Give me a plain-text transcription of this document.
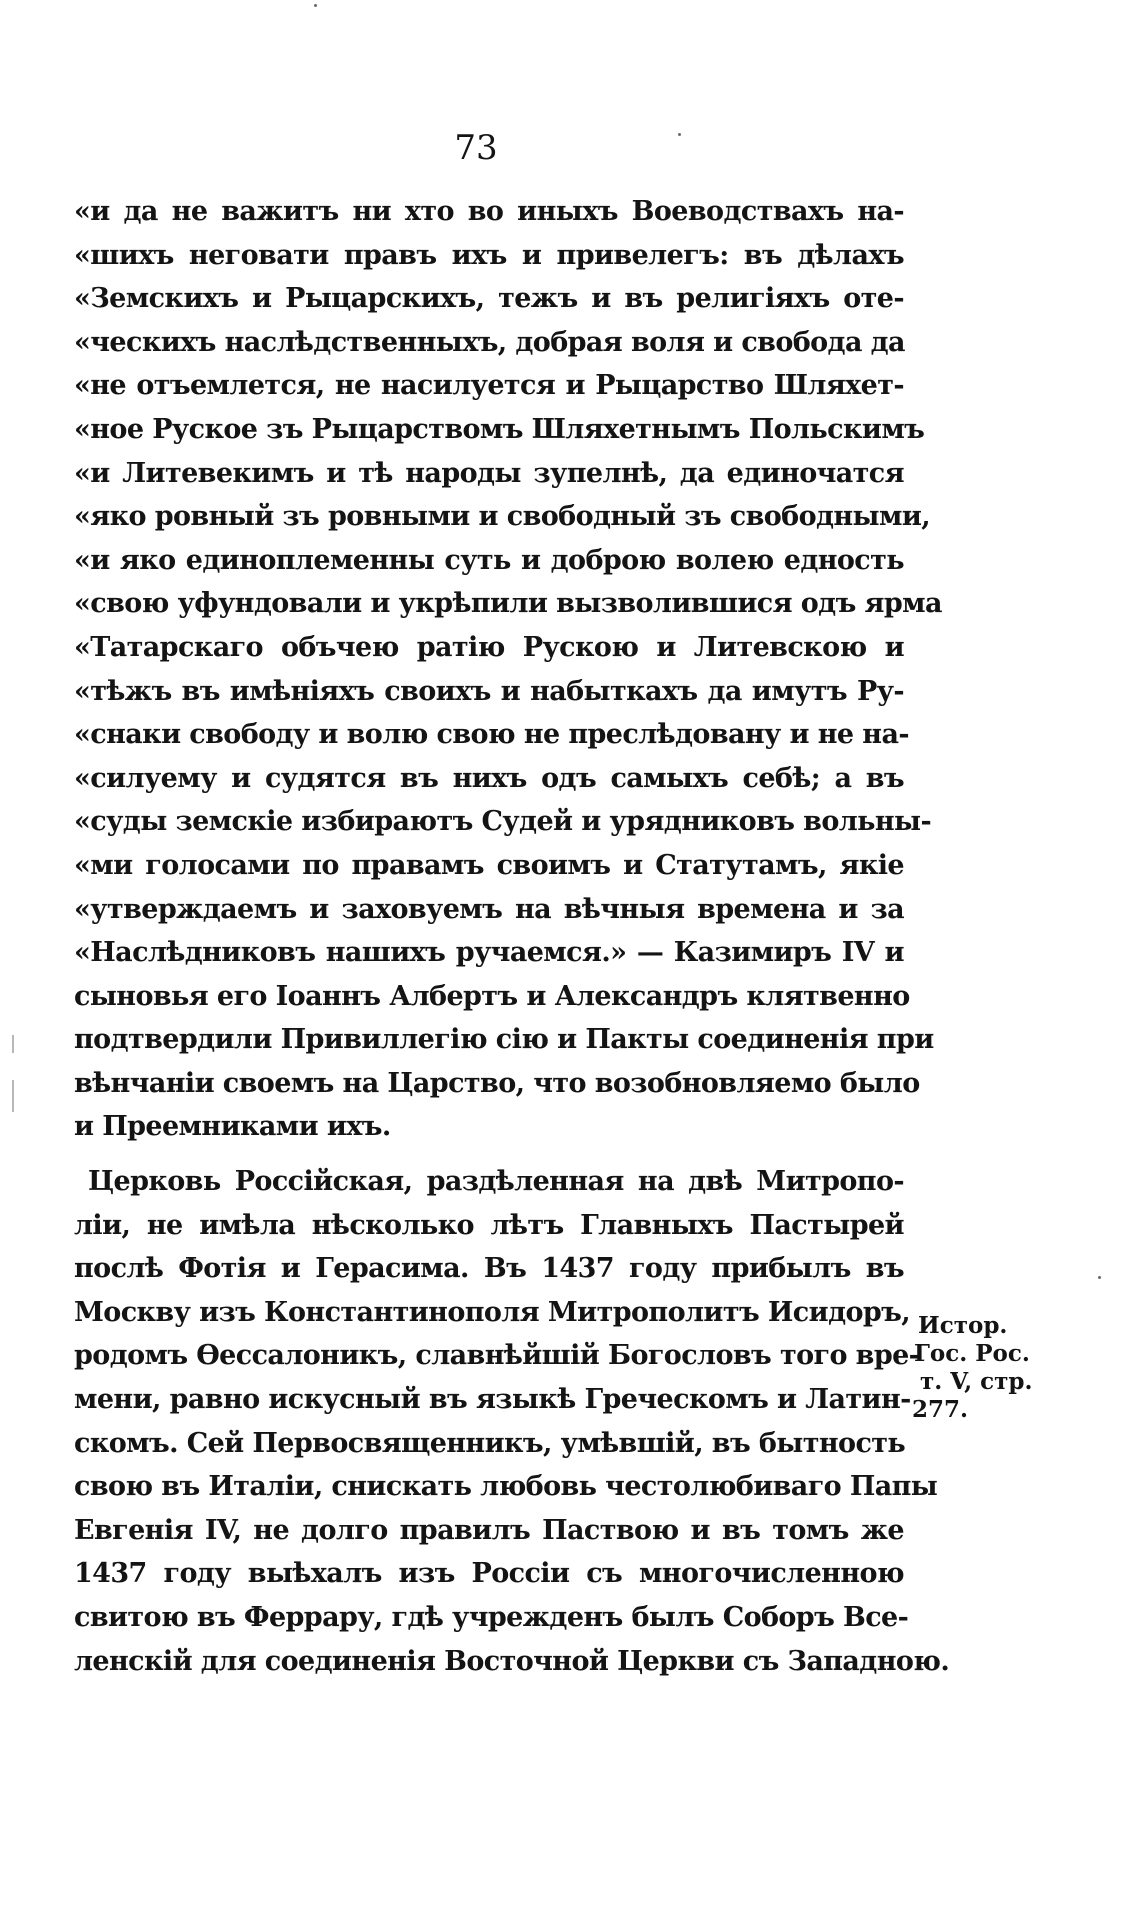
73
«и да не важитъ ни хто во иныхъ Воеводствахъ на-
«шихъ неговати правъ ихъ и привелегъ: въ дѣлахъ
«Земскихъ и Рыцарскихъ, тежъ и въ религіяхъ оте-
«ческихъ наслѣдственныхъ, добрая воля и свобода да
«не отъемлется, не насилуется и Рыцарство Шляхет-
«ное Руское зъ Рыцарствомъ Шляхетнымъ Польскимъ
«и Литевекимъ и тѣ народы зупелнѣ, да единочатся
«яко ровный зъ ровными и свободный зъ свободными,
«и яко единоплеменны суть и доброю волею едность
«свою уфундовали и укрѣпили вызволившися одъ ярма
«Татарскаго объчею ратію Рускою и Литевскою и
«тѣжъ въ имѣніяхъ своихъ и набыткахъ да имутъ Ру-
«снаки свободу и волю свою не преслѣдовану и не на-
«силуему и судятся въ нихъ одъ самыхъ себѣ; а въ
«суды земскіе избираютъ Судей и урядниковъ вольны-
«ми голосами по правамъ своимъ и Статутамъ, якіе
«утверждаемъ и заховуемъ на вѣчныя времена и за
«Наслѣдниковъ нашихъ ручаемся.» — Казимиръ IV и
сыновья его Іоаннъ Албертъ и Александръ клятвенно
подтвердили Привиллегію сію и Пакты соединенія при
вѣнчаніи своемъ на Царство, что возобновляемо было
и Преемниками ихъ.
Церковь Россійская, раздѣленная на двѣ Митропо-
ліи, не имѣла нѣсколько лѣтъ Главныхъ Пастырей
послѣ Фотія и Герасима. Въ 1437 году прибылъ въ
Москву изъ Константинополя Митрополитъ Исидоръ,
родомъ Ѳессалоникъ, славнѣйшій Богословъ того вре-
мени, равно искусный въ языкѣ Греческомъ и Латин-
скомъ. Сей Первосвященникъ, умѣвшій, въ бытность
свою въ Италіи, снискать любовь честолюбиваго Папы
Евгенія IV, не долго правилъ Паствою и въ томъ же
1437 году выѣхалъ изъ Россіи съ многочисленною
свитою въ Феррару, гдѣ учрежденъ былъ Соборъ Все-
ленскій для соединенія Восточной Церкви съ Западною.
Истор.
Гос. Рос.
т. V, стр.
277.
